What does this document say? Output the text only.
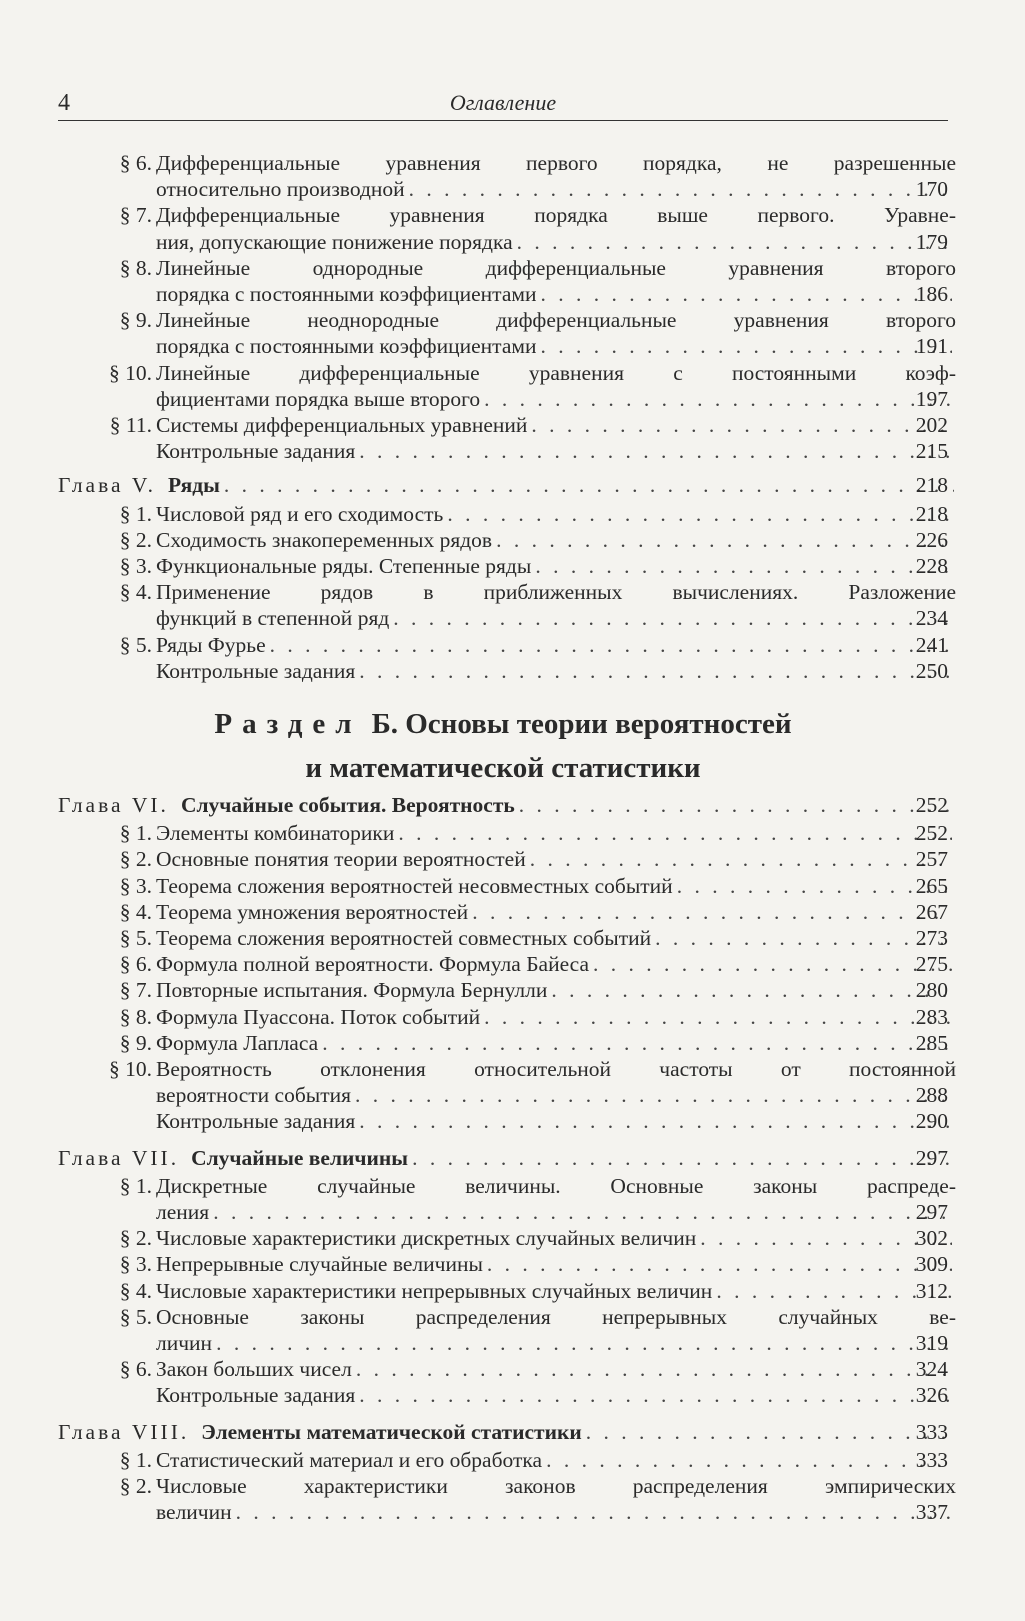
4	Оглавление
§ 6. Дифференциальные уравнения первого порядка, не разрешенные
относительно производной . . .	170
§ 7. Дифференциальные уравнения порядка выше первого. Уравне-
ния, допускающие понижение порядка . . .	179
§ 8. Линейные однородные дифференциальные уравнения второго
порядка с постоянными коэффициентами . . .	186
§ 9. Линейные неоднородные дифференциальные уравнения второго
порядка с постоянными коэффициентами . . .	191
§ 10. Линейные дифференциальные уравнения с постоянными коэф-
фициентами порядка выше второго . . .	197
§ 11. Системы дифференциальных уравнений . . .	202
Контрольные задания . . .	215
Глава V. Ряды . . .	218
§ 1. Числовой ряд и его сходимость . . .	218
§ 2. Сходимость знакопеременных рядов . . .	226
§ 3. Функциональные ряды. Степенные ряды . . .	228
§ 4. Применение рядов в приближенных вычислениях. Разложение
функций в степенной ряд . . .	234
§ 5. Ряды Фурье . . .	241
Контрольные задания . . .	250
Раздел Б. Основы теории вероятностей
и математической статистики
Глава VI. Случайные события. Вероятность . . .	252
§ 1. Элементы комбинаторики . . .	252
§ 2. Основные понятия теории вероятностей . . .	257
§ 3. Теорема сложения вероятностей несовместных событий . . .	265
§ 4. Теорема умножения вероятностей . . .	267
§ 5. Теорема сложения вероятностей совместных событий . . .	273
§ 6. Формула полной вероятности. Формула Байеса . . .	275
§ 7. Повторные испытания. Формула Бернулли . . .	280
§ 8. Формула Пуассона. Поток событий . . .	283
§ 9. Формула Лапласа . . .	285
§ 10. Вероятность отклонения относительной частоты от постоянной
вероятности события . . .	288
Контрольные задания . . .	290
Глава VII. Случайные величины . . .	297
§ 1. Дискретные случайные величины. Основные законы распреде-
ления . . .	297
§ 2. Числовые характеристики дискретных случайных величин . . .	302
§ 3. Непрерывные случайные величины . . .	309
§ 4. Числовые характеристики непрерывных случайных величин . . .	312
§ 5. Основные законы распределения непрерывных случайных ве-
личин . . .	319
§ 6. Закон больших чисел . . .	324
Контрольные задания . . .	326
Глава VIII. Элементы математической статистики . . .	333
§ 1. Статистический материал и его обработка . . .	333
§ 2. Числовые характеристики законов распределения эмпирических
величин . . .	337
